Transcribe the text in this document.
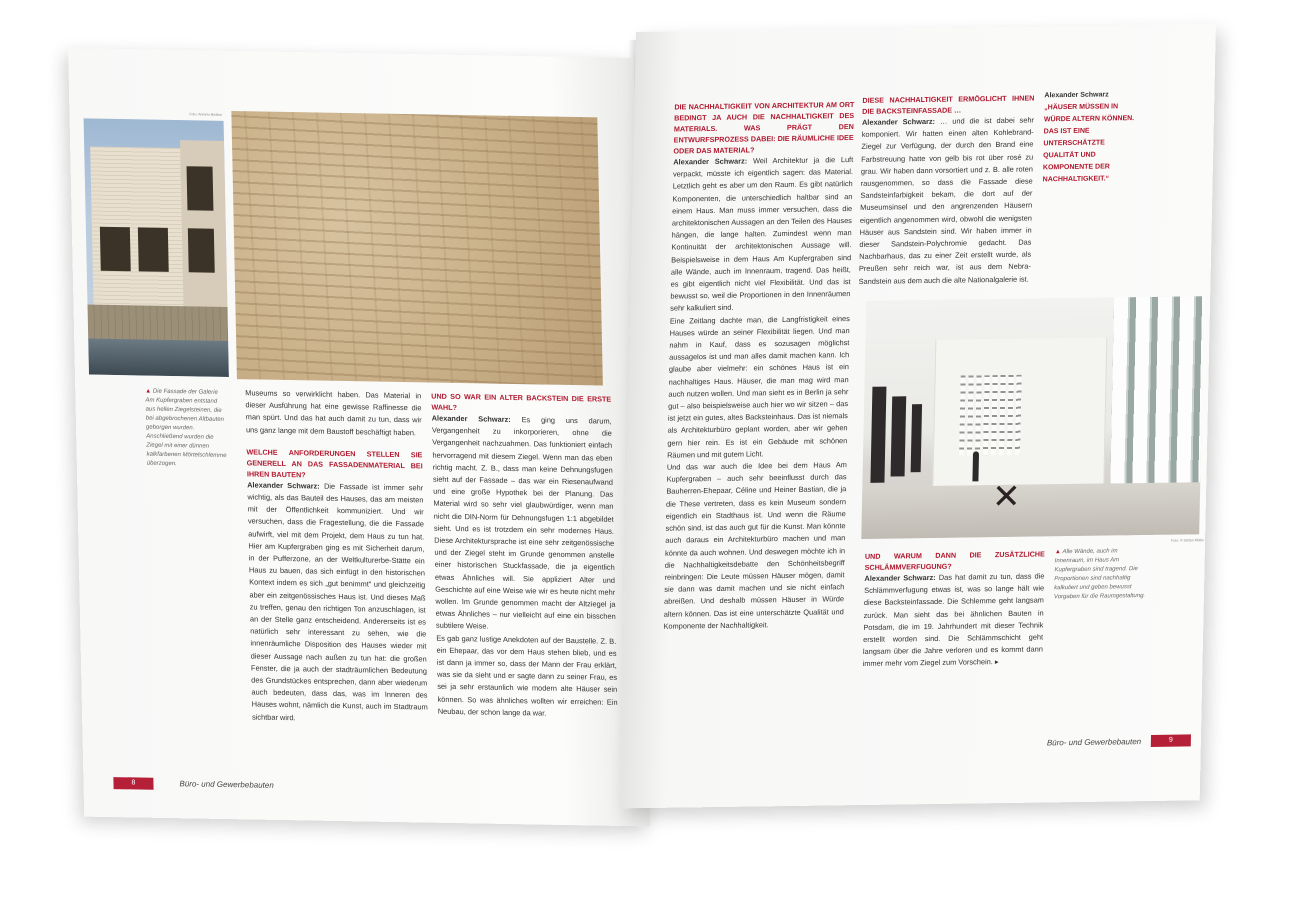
Foto: Antonio Bedbur
▲ Die Fassade der Galerie Am Kupfergraben entstand aus hellen Ziegelsteinen, die bei abgebrochenen Altbauten geborgen wurden. Anschließend wurden die Ziegel mit einer dünnen kalkfarbenen Mörtelschlemme überzogen.

Museums so verwirklicht haben. Das Material in dieser Ausführung hat eine gewisse Raffinesse die man spürt. Und das hat auch damit zu tun, dass wir uns ganz lange mit dem Baustoff beschäftigt haben.

WELCHE ANFORDERUNGEN STELLEN SIE GENERELL AN DAS FASSADENMATERIAL BEI IHREN BAUTEN?

Alexander Schwarz: Die Fassade ist immer sehr wichtig, als das Bauteil des Hauses, das am meisten mit der Öffentlichkeit kommuniziert. Und wir versuchen, dass die Fragestellung, die die Fassade aufwirft, viel mit dem Projekt, dem Haus zu tun hat. Hier am Kupfergraben ging es mit Sicherheit darum, in der Pufferzone, an der Weltkulturerbe-Stätte ein Haus zu bauen, das sich einfügt in den historischen Kontext indem es sich „gut benimmt“ und gleichzeitig aber ein zeitgenössisches Haus ist. Und dieses Maß zu treffen, genau den richtigen Ton anzuschlagen, ist an der Stelle ganz entscheidend. Andererseits ist es natürlich sehr interessant zu sehen, wie die innenräumliche Disposition des Hauses wieder mit dieser Aussage nach außen zu tun hat: die großen Fenster, die ja auch der stadträumlichen Bedeutung des Grundstückes entsprechen, dann aber wiederum auch bedeuten, dass das, was im Inneren des Hauses wohnt, nämlich die Kunst, auch im Stadtraum sichtbar wird.

UND SO WAR EIN ALTER BACKSTEIN DIE ERSTE WAHL?

Alexander Schwarz: Es ging uns darum, Vergangenheit zu inkorporieren, ohne die Vergangenheit nachzuahmen. Das funktioniert einfach hervorragend mit diesem Ziegel. Wenn man das eben richtig macht. Z. B., dass man keine Dehnungsfugen sieht auf der Fassade – das war ein Riesenaufwand und eine große Hypothek bei der Planung. Das Material wird so sehr viel glaubwürdiger, wenn man nicht die DIN-Norm für Dehnungsfugen 1:1 abgebildet sieht. Und es ist trotzdem ein sehr modernes Haus. Diese Architektursprache ist eine sehr zeitgenössische und der Ziegel steht im Grunde genommen anstelle einer historischen Stuckfassade, die ja eigentlich etwas Ähnliches will. Sie appliziert Alter und Geschichte auf eine Weise wie wir es heute nicht mehr wollen. Im Grunde genommen macht der Altziegel ja etwas Ähnliches – nur vielleicht auf eine ein bisschen subtilere Weise.

Es gab ganz lustige Anekdoten auf der Baustelle. Z. B. ein Ehepaar, das vor dem Haus stehen blieb, und es ist dann ja immer so, dass der Mann der Frau erklärt, was sie da sieht und er sagte dann zu seiner Frau, es sei ja sehr erstaunlich wie modern alte Häuser sein können. So was ähnliches wollten wir erreichen: Ein Neubau, der schon lange da war.

8	Büro- und Gewerbebauten

DIE NACHHALTIGKEIT VON ARCHITEKTUR AM ORT BEDINGT JA AUCH DIE NACHHALTIGKEIT DES MATERIALS. WAS PRÄGT DEN ENTWURFSPROZESS DABEI: DIE RÄUMLICHE IDEE ODER DAS MATERIAL?

Alexander Schwarz: Weil Architektur ja die Luft verpackt, müsste ich eigentlich sagen: das Material. Letztlich geht es aber um den Raum. Es gibt natürlich Komponenten, die unterschiedlich haltbar sind an einem Haus. Man muss immer versuchen, dass die architektonischen Aussagen an den Teilen des Hauses hängen, die lange halten. Zumindest wenn man Kontinuität der architektonischen Aussage will. Beispielsweise in dem Haus Am Kupfergraben sind alle Wände, auch im Innenraum, tragend. Das heißt, es gibt eigentlich nicht viel Flexibilität. Und das ist bewusst so, weil die Proportionen in den Innenräumen sehr kalkuliert sind.

Eine Zeitlang dachte man, die Langfristigkeit eines Hauses würde an seiner Flexibilität liegen. Und man nahm in Kauf, dass es sozusagen möglichst aussagelos ist und man alles damit machen kann. Ich glaube aber vielmehr: ein schönes Haus ist ein nachhaltiges Haus. Häuser, die man mag wird man auch nutzen wollen. Und man sieht es in Berlin ja sehr gut – also beispielsweise auch hier wo wir sitzen – das ist jetzt ein gutes, altes Backsteinhaus. Das ist niemals als Architekturbüro geplant worden, aber wir gehen gern hier rein. Es ist ein Gebäude mit schönen Räumen und mit gutem Licht.

Und das war auch die Idee bei dem Haus Am Kupfergraben – auch sehr beeinflusst durch das Bauherren-Ehepaar, Céline und Heiner Bastian, die ja die These vertreten, dass es kein Museum sondern eigentlich ein Stadthaus ist. Und wenn die Räume schön sind, ist das auch gut für die Kunst. Man könnte auch daraus ein Architekturbüro machen und man könnte da auch wohnen. Und deswegen möchte ich in die Nachhaltigkeitsdebatte den Schönheitsbegriff reinbringen: Die Leute müssen Häuser mögen, damit sie dann was damit machen und sie nicht einfach abreißen. Und deshalb müssen Häuser in Würde altern können. Das ist eine unterschätzte Qualität und Komponente der Nachhaltigkeit.

DIESE NACHHALTIGKEIT ERMÖGLICHT IHNEN DIE BACKSTEINFASSADE …

Alexander Schwarz: … und die ist dabei sehr komponiert. Wir hatten einen alten Kohlebrand-Ziegel zur Verfügung, der durch den Brand eine Farbstreuung hatte von gelb bis rot über rosé zu grau. Wir haben dann vorsortiert und z. B. alle roten rausgenommen, so dass die Fassade diese Sandsteinfarbigkeit bekam, die dort auf der Museumsinsel und den angrenzenden Häusern eigentlich angenommen wird, obwohl die wenigsten Häuser aus Sandstein sind. Wir haben immer in dieser Sandstein-Polychromie gedacht. Das Nachbarhaus, das zu einer Zeit erstellt wurde, als Preußen sehr reich war, ist aus dem Nebra-Sandstein aus dem auch die alte Nationalgalerie ist.

Alexander Schwarz
„HÄUSER MÜSSEN IN WÜRDE ALTERN KÖNNEN. DAS IST EINE UNTERSCHÄTZTE QUALITÄT UND KOMPONENTE DER NACHHALTIGKEIT.“
✕
Foto: © Stefan Müller

UND WARUM DANN DIE ZUSÄTZLICHE SCHLÄMMVERFUGUNG?

Alexander Schwarz: Das hat damit zu tun, dass die Schlämmverfugung etwas ist, was so lange hält wie diese Backsteinfassade. Die Schlemme geht langsam zurück. Man sieht das bei ähnlichen Bauten in Potsdam, die im 19. Jahrhundert mit dieser Technik erstellt worden sind. Die Schlämmschicht geht langsam über die Jahre verloren und es kommt dann immer mehr vom Ziegel zum Vorschein. ▸

▲ Alle Wände, auch im Innenraum, im Haus Am Kupfergraben sind tragend. Die Proportionen sind nachhaltig kalkuliert und geben bewusst Vorgaben für die Raumgestaltung.
Büro- und Gewerbebauten	9
